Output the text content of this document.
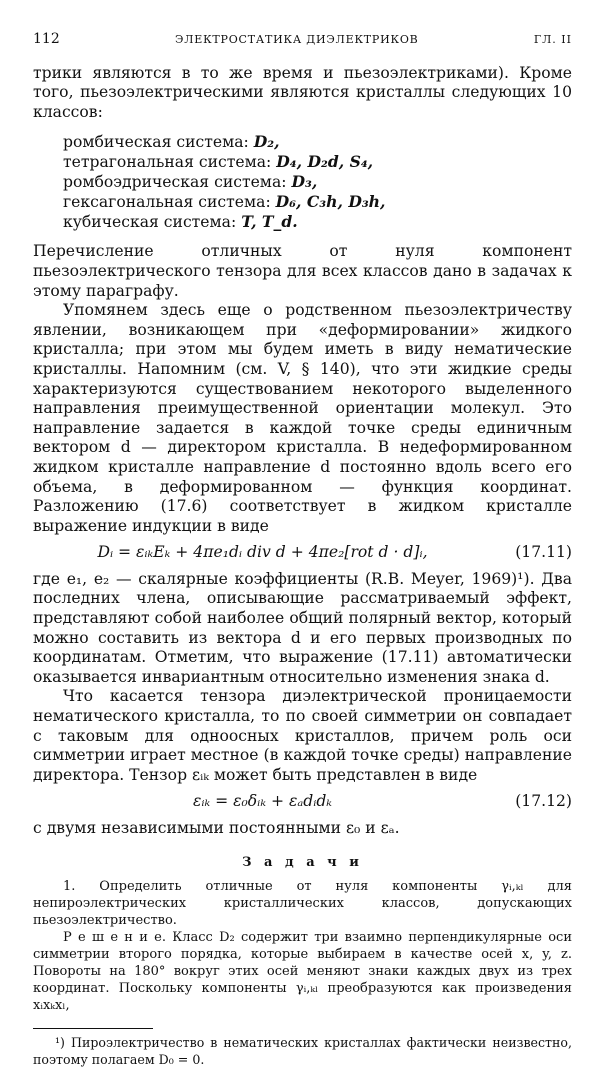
112	ЭЛЕКТРОСТАТИКА ДИЭЛЕКТРИКОВ	ГЛ. II

трики являются в то же время и пьезоэлектриками). Кроме того, пьезоэлектрическими являются кристаллы следующих 10 классов:

ромбическая система: D₂,
тетрагональная система: D₄, D₂d, S₄,
ромбоэдрическая система: D₃,
гексагональная система: D₆, C₃h, D₃h,
кубическая система: T, T_d.

Перечисление отличных от нуля компонент пьезоэлектрического тензора для всех классов дано в задачах к этому параграфу.

Упомянем здесь еще о родственном пьезоэлектричеству явлении, возникающем при «деформировании» жидкого кристалла; при этом мы будем иметь в виду нематические кристаллы. Напомним (см. V, § 140), что эти жидкие среды характеризуются существованием некоторого выделенного направления преимущественной ориентации молекул. Это направление задается в каждой точке среды единичным вектором d — директором кристалла. В недеформированном жидком кристалле направление d постоянно вдоль всего его объема, в деформированном — функция координат. Разложению (17.6) соответствует в жидком кристалле выражение индукции в виде

Dᵢ = εᵢₖEₖ + 4πe₁dᵢ div d + 4πe₂[rot d · d]ᵢ,	(17.11)

где e₁, e₂ — скалярные коэффициенты (R.B. Meyer, 1969)¹). Два последних члена, описывающие рассматриваемый эффект, представляют собой наиболее общий полярный вектор, который можно составить из вектора d и его первых производных по координатам. Отметим, что выражение (17.11) автоматически оказывается инвариантным относительно изменения знака d.

Что касается тензора диэлектрической проницаемости нематического кристалла, то по своей симметрии он совпадает с таковым для одноосных кристаллов, причем роль оси симметрии играет местное (в каждой точке среды) направление директора. Тензор εᵢₖ может быть представлен в виде

εᵢₖ = ε₀δᵢₖ + εₐdᵢdₖ	(17.12)

с двумя независимыми постоянными ε₀ и εₐ.

З а д а ч и

1. Определить отличные от нуля компоненты γᵢ,ₖₗ для непироэлектрических кристаллических классов, допускающих пьезоэлектричество.

Р е ш е н и е. Класс D₂ содержит три взаимно перпендикулярные оси симметрии второго порядка, которые выбираем в качестве осей x, y, z. Повороты на 180° вокруг этих осей меняют знаки каждых двух из трех координат. Поскольку компоненты γᵢ,ₖₗ преобразуются как произведения xᵢxₖxₗ,

¹) Пироэлектричество в нематических кристаллах фактически неизвестно, поэтому полагаем D₀ = 0.
